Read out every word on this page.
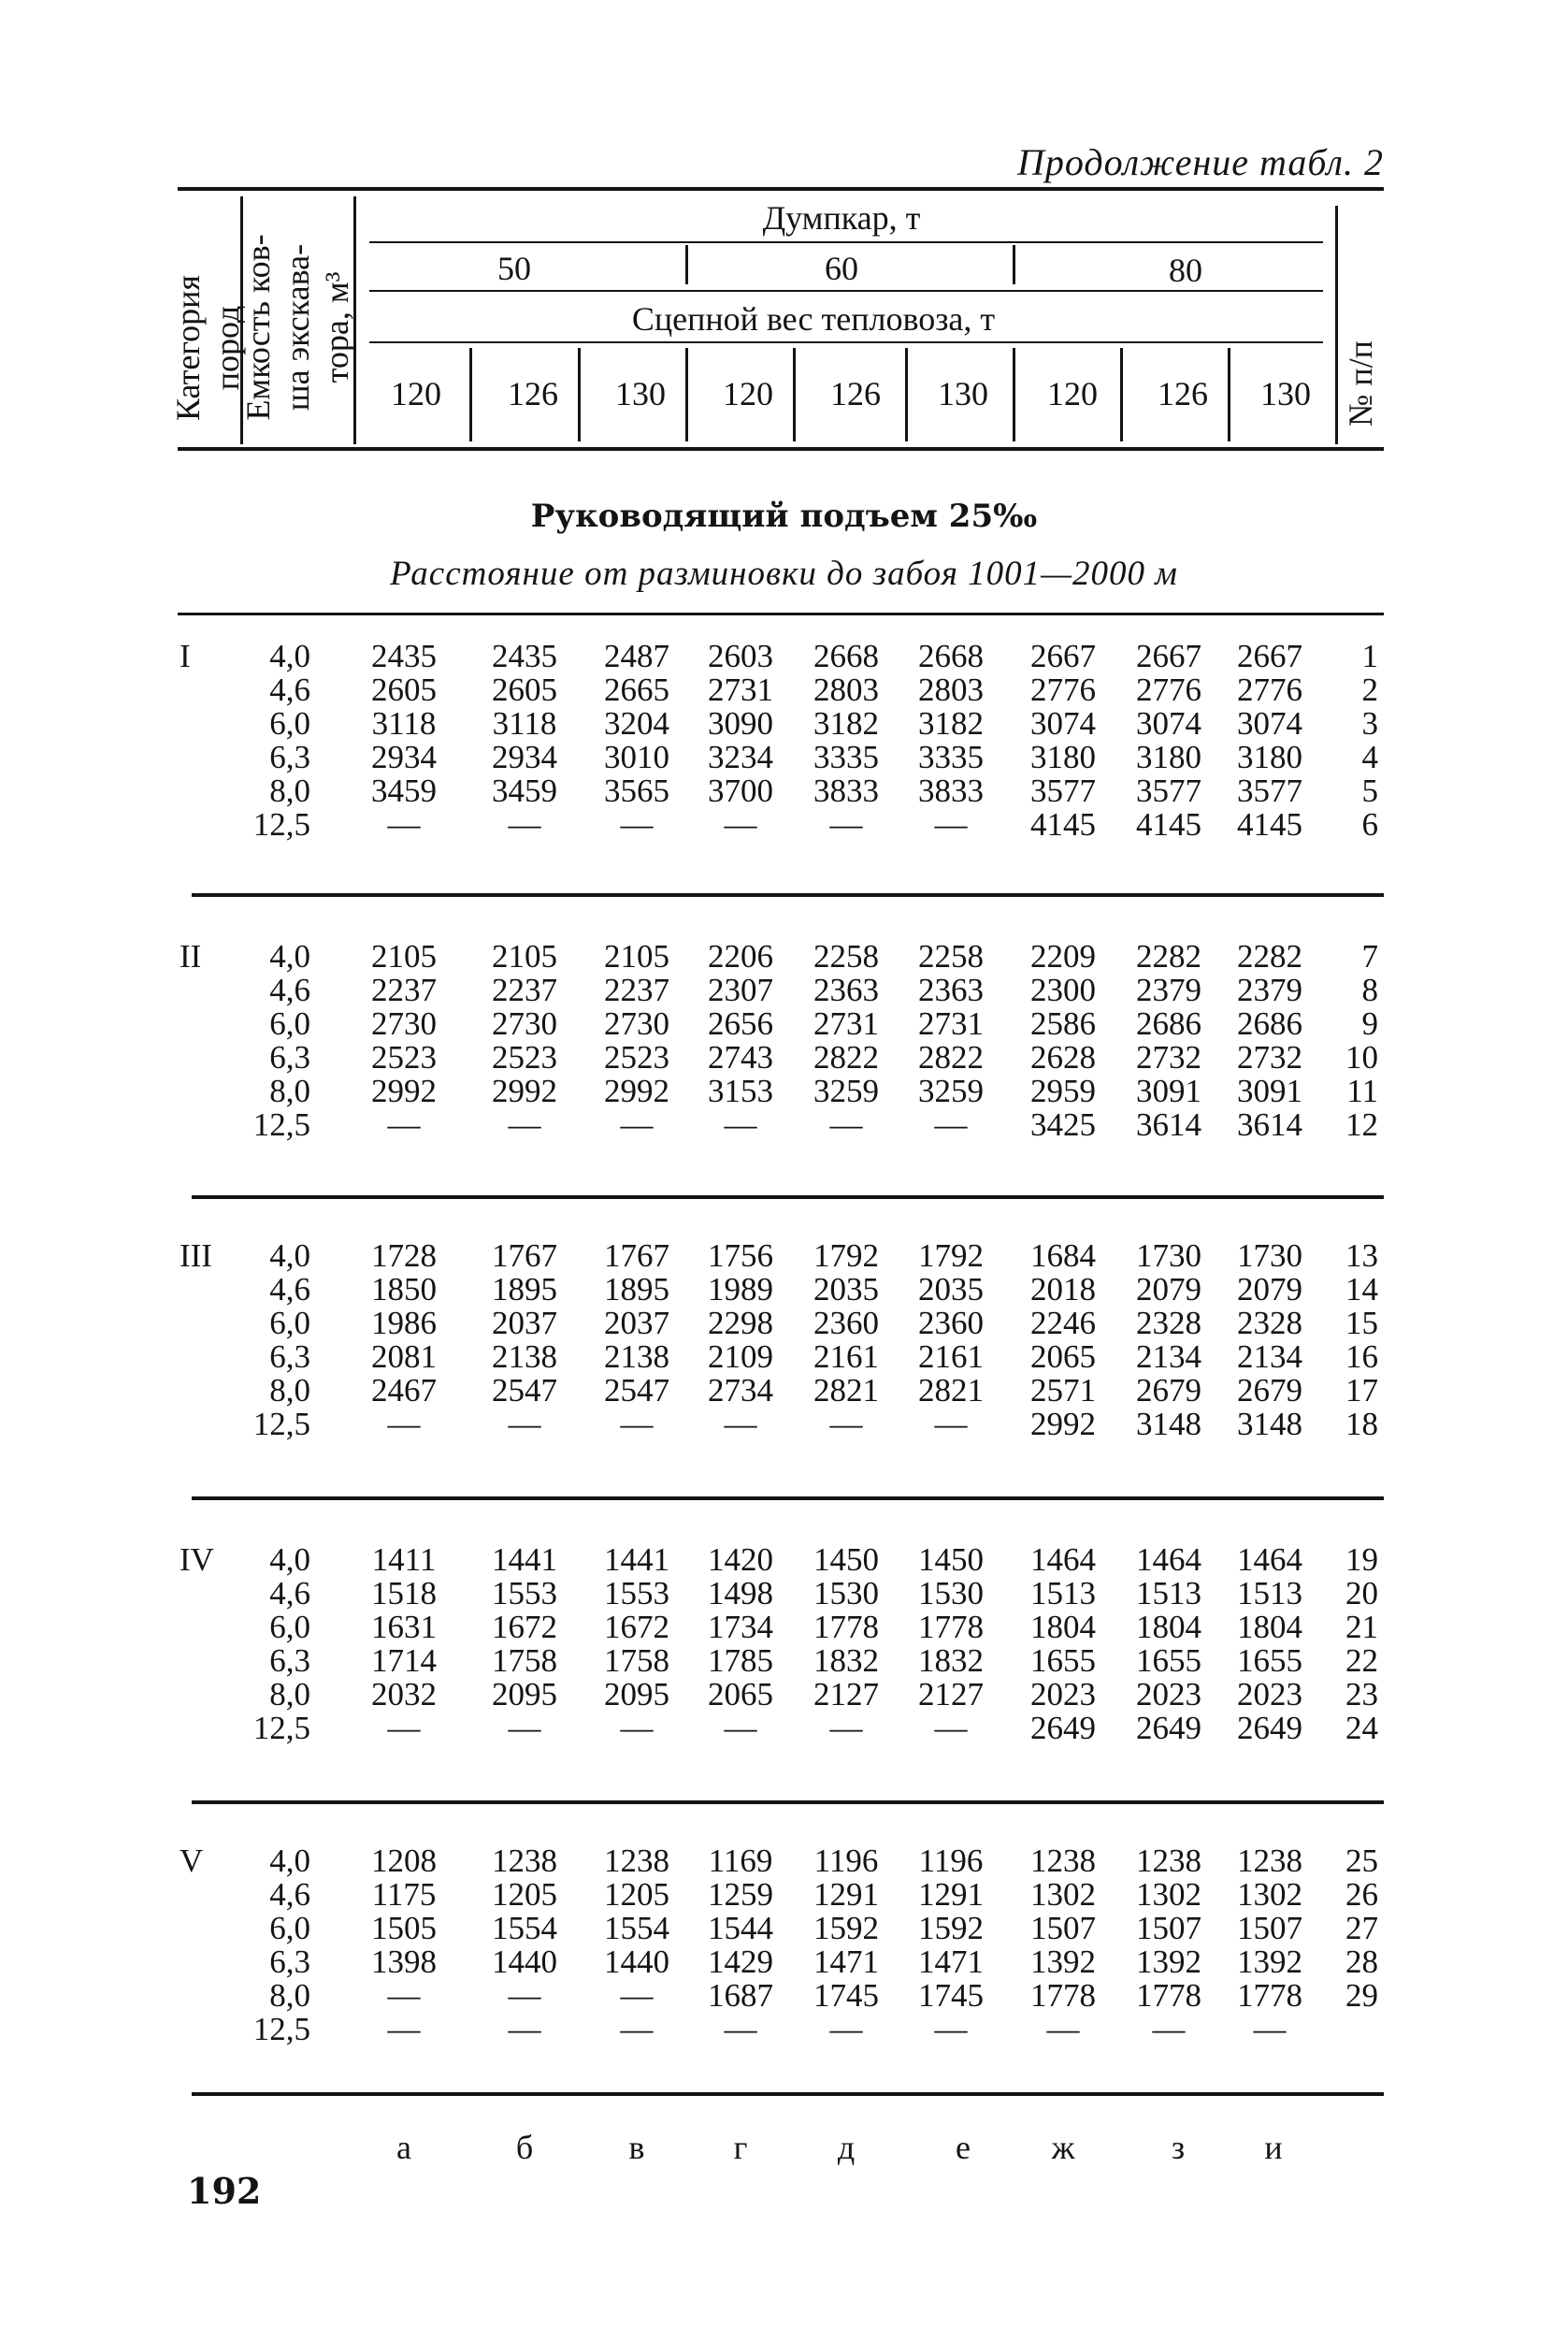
Продолжение табл. 2
Категория
пород
Емкость ков-
ша экскава-
тора, м³
№ п/п
Думпкар, т
50	60	80
Сцепной вес тепловоза, т
120	126	130	120	126	130	120	126	130
Руководящий подъем 25‰
Расстояние от разминовки до забоя 1001—2000 м
I	4,0	2435	2435	2487	2603	2668	2668	2667	2667	2667	1
4,6	2605	2605	2665	2731	2803	2803	2776	2776	2776	2
6,0	3118	3118	3204	3090	3182	3182	3074	3074	3074	3
6,3	2934	2934	3010	3234	3335	3335	3180	3180	3180	4
8,0	3459	3459	3565	3700	3833	3833	3577	3577	3577	5
12,5	—	—	—	—	—	—	4145	4145	4145	6
II	4,0	2105	2105	2105	2206	2258	2258	2209	2282	2282	7
4,6	2237	2237	2237	2307	2363	2363	2300	2379	2379	8
6,0	2730	2730	2730	2656	2731	2731	2586	2686	2686	9
6,3	2523	2523	2523	2743	2822	2822	2628	2732	2732	10
8,0	2992	2992	2992	3153	3259	3259	2959	3091	3091	11
12,5	—	—	—	—	—	—	3425	3614	3614	12
III	4,0	1728	1767	1767	1756	1792	1792	1684	1730	1730	13
4,6	1850	1895	1895	1989	2035	2035	2018	2079	2079	14
6,0	1986	2037	2037	2298	2360	2360	2246	2328	2328	15
6,3	2081	2138	2138	2109	2161	2161	2065	2134	2134	16
8,0	2467	2547	2547	2734	2821	2821	2571	2679	2679	17
12,5	—	—	—	—	—	—	2992	3148	3148	18
IV	4,0	1411	1441	1441	1420	1450	1450	1464	1464	1464	19
4,6	1518	1553	1553	1498	1530	1530	1513	1513	1513	20
6,0	1631	1672	1672	1734	1778	1778	1804	1804	1804	21
6,3	1714	1758	1758	1785	1832	1832	1655	1655	1655	22
8,0	2032	2095	2095	2065	2127	2127	2023	2023	2023	23
12,5	—	—	—	—	—	—	2649	2649	2649	24
V	4,0	1208	1238	1238	1169	1196	1196	1238	1238	1238	25
4,6	1175	1205	1205	1259	1291	1291	1302	1302	1302	26
6,0	1505	1554	1554	1544	1592	1592	1507	1507	1507	27
6,3	1398	1440	1440	1429	1471	1471	1392	1392	1392	28
8,0	—	—	—	1687	1745	1745	1778	1778	1778	29
12,5	—	—	—	—	—	—	—	—	—
а	б	в	г	д	е	ж	з	и
192
